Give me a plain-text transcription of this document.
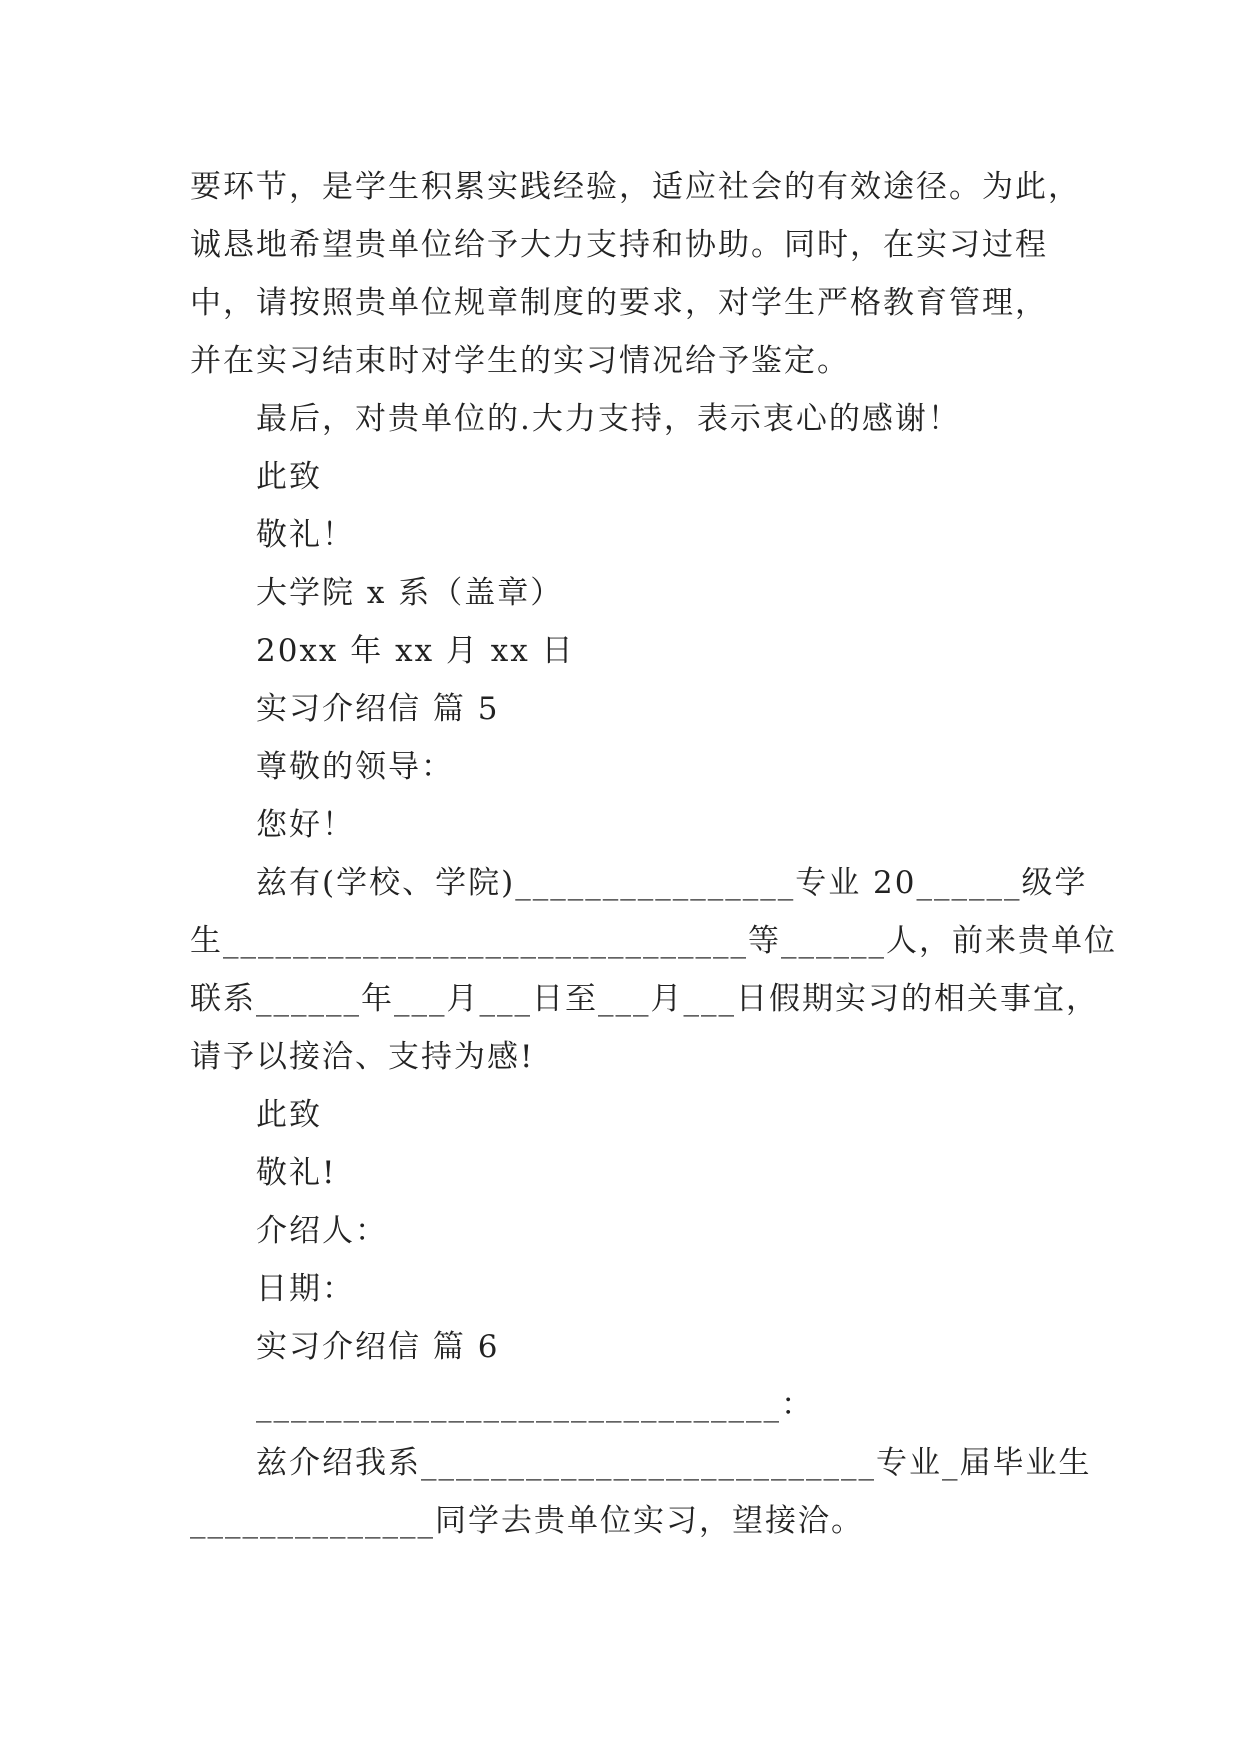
要环节，是学生积累实践经验，适应社会的有效途径。为此，

诚恳地希望贵单位给予大力支持和协助。同时，在实习过程

中，请按照贵单位规章制度的要求，对学生严格教育管理，

并在实习结束时对学生的实习情况给予鉴定。

最后，对贵单位的.大力支持，表示衷心的感谢！

此致

敬礼！

大学院 x 系（盖章）

20xx 年 xx 月 xx 日

实习介绍信 篇 5

尊敬的领导：

您好！

兹有(学校、学院)________________专业 20______级学

生______________________________等______人，前来贵单位

联系______年___月___日至___月___日假期实习的相关事宜，

请予以接洽、支持为感!

此致

敬礼!

介绍人：

日期：

实习介绍信 篇 6

______________________________：

兹介绍我系__________________________专业_届毕业生

______________同学去贵单位实习，望接洽。
